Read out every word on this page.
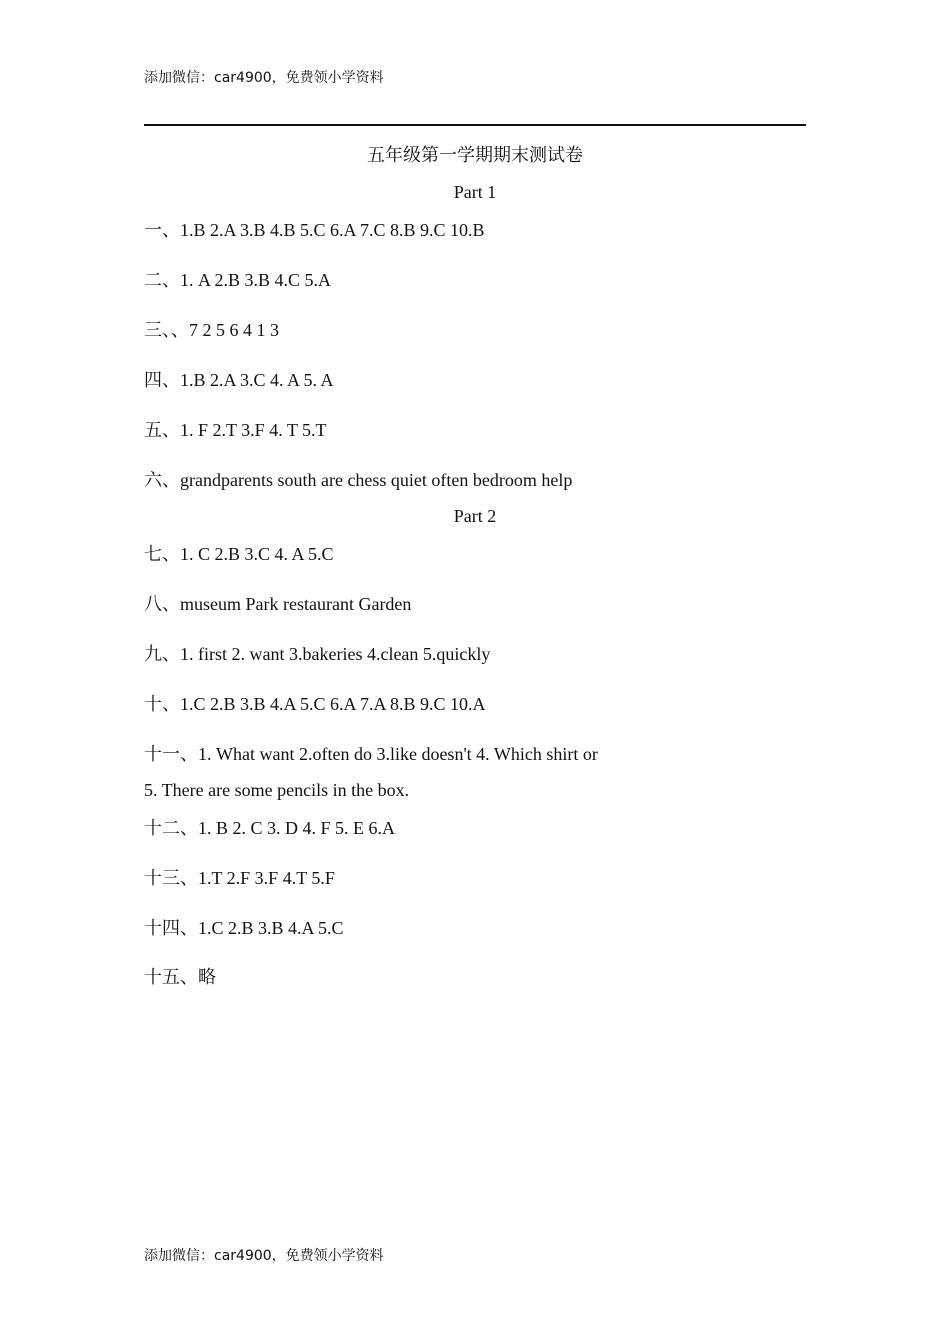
添加微信：car4900，免费领小学资料
五年级第一学期期末测试卷
Part 1
一、1.B 2.A 3.B 4.B 5.C 6.A 7.C 8.B 9.C 10.B
二、1. A 2.B 3.B 4.C 5.A
三、、7 2 5 6 4 1 3
四、1.B 2.A 3.C 4. A 5. A
五、1. F 2.T 3.F 4. T 5.T
六、grandparents south are chess quiet often bedroom help
Part 2
七、1. C 2.B 3.C 4. A 5.C
八、museum Park restaurant Garden
九、1. first 2. want 3.bakeries 4.clean 5.quickly
十、1.C 2.B 3.B 4.A 5.C 6.A 7.A 8.B 9.C 10.A
十一、1. What want 2.often do 3.like doesn't 4. Which shirt or
5. There are some pencils in the box.
十二、1. B 2. C 3. D 4. F 5. E 6.A
十三、1.T 2.F 3.F 4.T 5.F
十四、1.C 2.B 3.B 4.A 5.C
十五、略
添加微信：car4900，免费领小学资料
